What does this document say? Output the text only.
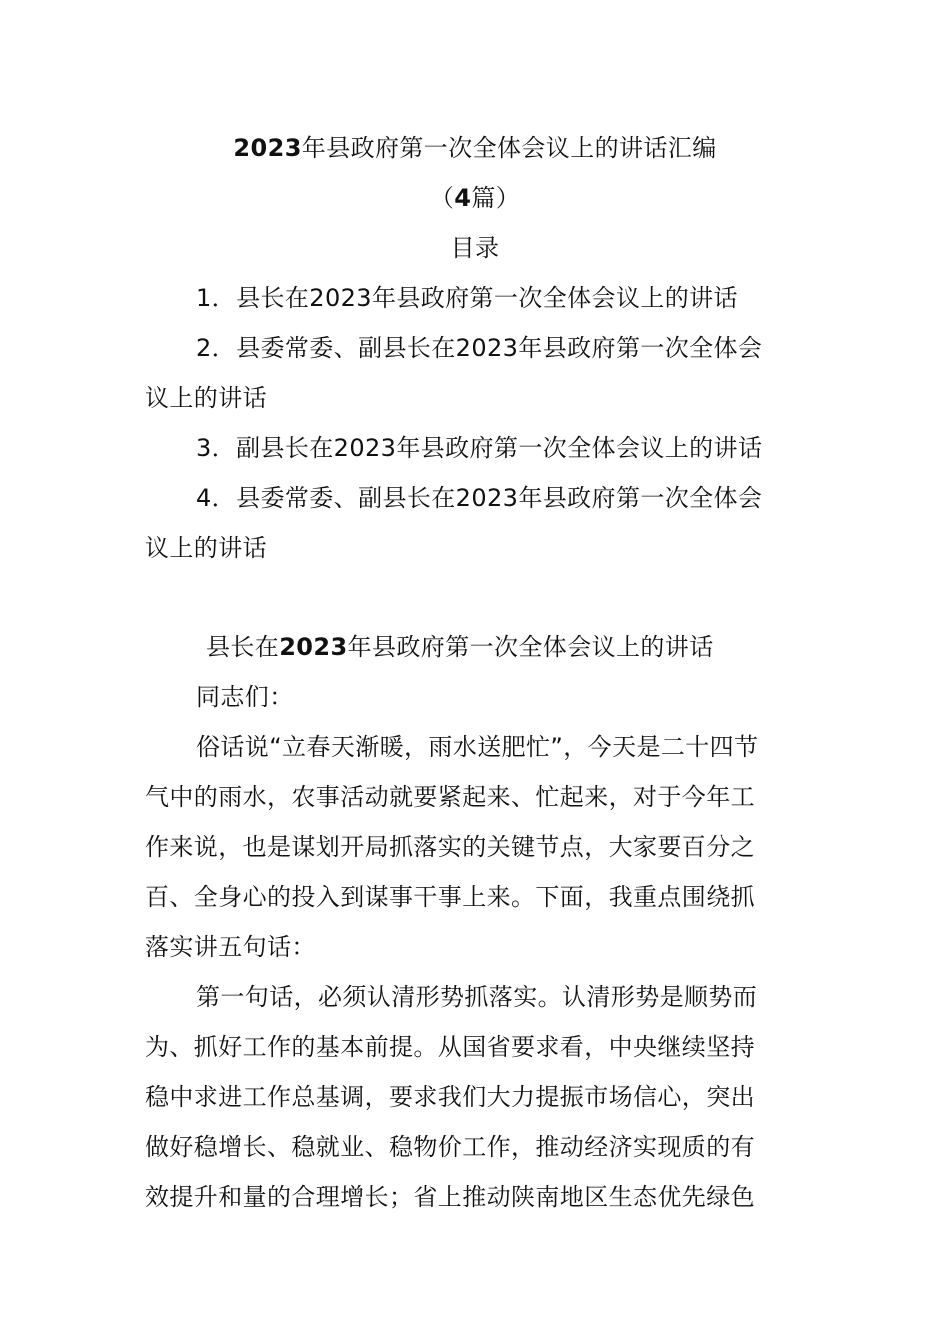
2023年县政府第一次全体会议上的讲话汇编
（4篇）
目录
1．县长在2023年县政府第一次全体会议上的讲话
2．县委常委、副县长在2023年县政府第一次全体会
议上的讲话
3．副县长在2023年县政府第一次全体会议上的讲话
4．县委常委、副县长在2023年县政府第一次全体会
议上的讲话
县长在2023年县政府第一次全体会议上的讲话
同志们：
俗话说“立春天渐暖，雨水送肥忙”，今天是二十四节
气中的雨水，农事活动就要紧起来、忙起来，对于今年工
作来说，也是谋划开局抓落实的关键节点，大家要百分之
百、全身心的投入到谋事干事上来。下面，我重点围绕抓
落实讲五句话：
第一句话，必须认清形势抓落实。认清形势是顺势而
为、抓好工作的基本前提。从国省要求看，中央继续坚持
稳中求进工作总基调，要求我们大力提振市场信心，突出
做好稳增长、稳就业、稳物价工作，推动经济实现质的有
效提升和量的合理增长；省上推动陕南地区生态优先绿色
